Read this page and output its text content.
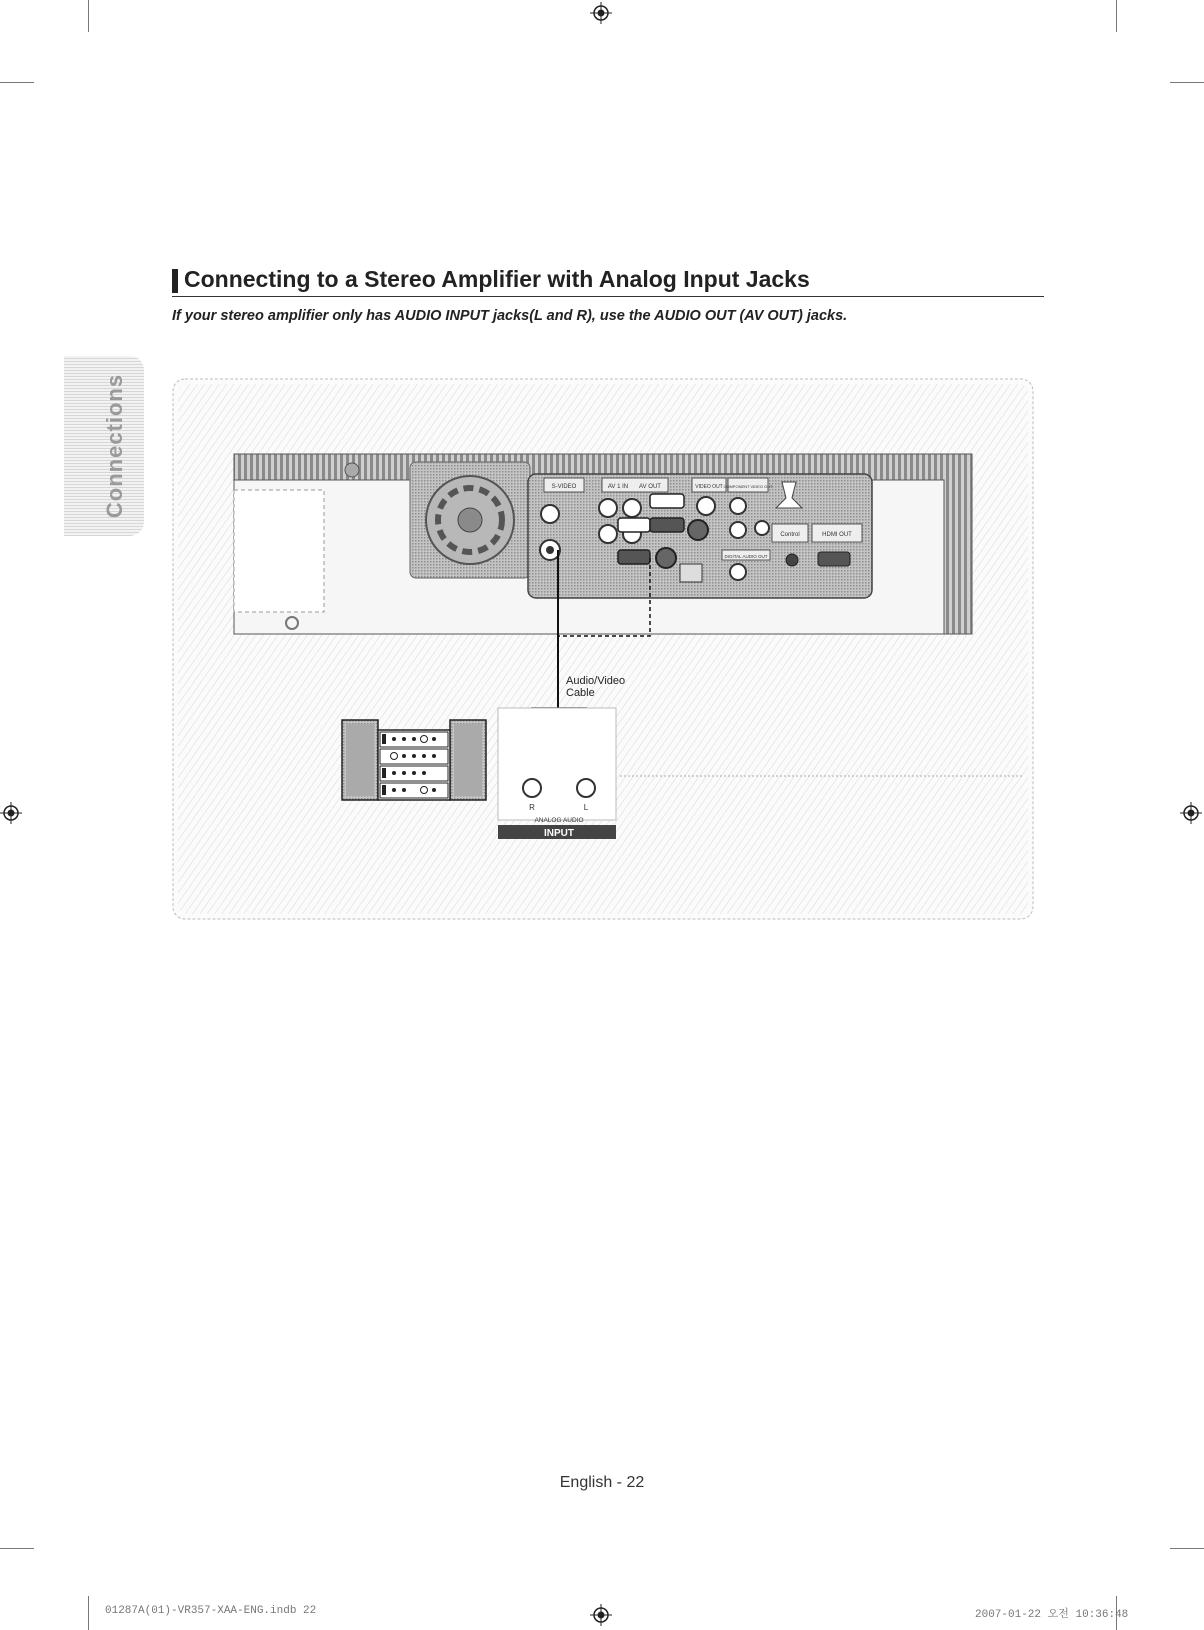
Connections
Connecting to a Stereo Amplifier with Analog Input Jacks
If your stereo amplifier only has AUDIO INPUT jacks(L and R), use the AUDIO OUT (AV OUT) jacks.
S-VIDEO	AV 1 IN AV OUT	VIDEO OUT COMPONENT VIDEO OUT
DIGITAL AUDIO OUT
Control	HDMI OUT
Audio/Video
Cable
R	L
ANALOG AUDIO
INPUT
English - 22
01287A(01)-VR357-XAA-ENG.indb 22	2007-01-22 오전 10:36:48
